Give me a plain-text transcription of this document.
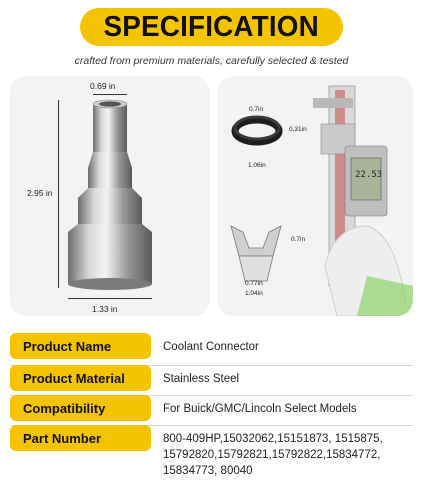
SPECIFICATION
crafted from premium materials, carefully selected & tested
0.69 in
2.95 in
1.33 in
0.7in
0.31in
1.06in
0.7in
0.77in
1.04in
22.53
Product Name	Coolant Connector
Product Material	Stainless Steel
Compatibility	For Buick/GMC/Lincoln Select Models
Part Number	800-409HP,15032062,15151873, 1515875, 15792820,15792821,15792822,15834772, 15834773, 80040
